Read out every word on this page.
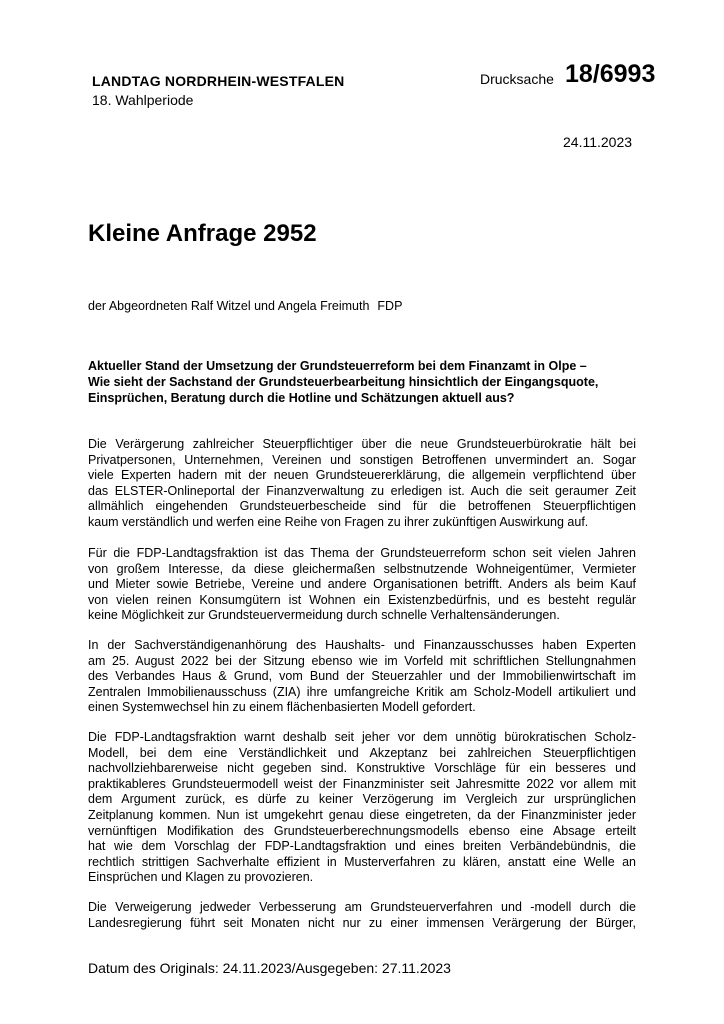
LANDTAG NORDRHEIN-WESTFALEN
18. Wahlperiode
Drucksache 18/6993
24.11.2023
Kleine Anfrage 2952
der Abgeordneten Ralf Witzel und Angela Freimuth FDP
Aktueller Stand der Umsetzung der Grundsteuerreform bei dem Finanzamt in Olpe –
Wie sieht der Sachstand der Grundsteuerbearbeitung hinsichtlich der Eingangsquote,
Einsprüchen, Beratung durch die Hotline und Schätzungen aktuell aus?
Die Verärgerung zahlreicher Steuerpflichtiger über die neue Grundsteuerbürokratie hält bei
Privatpersonen, Unternehmen, Vereinen und sonstigen Betroffenen unvermindert an. Sogar
viele Experten hadern mit der neuen Grundsteuererklärung, die allgemein verpflichtend über
das ELSTER-Onlineportal der Finanzverwaltung zu erledigen ist. Auch die seit geraumer Zeit
allmählich eingehenden Grundsteuerbescheide sind für die betroffenen Steuerpflichtigen
kaum verständlich und werfen eine Reihe von Fragen zu ihrer zukünftigen Auswirkung auf.
Für die FDP-Landtagsfraktion ist das Thema der Grundsteuerreform schon seit vielen Jahren
von großem Interesse, da diese gleichermaßen selbstnutzende Wohneigentümer, Vermieter
und Mieter sowie Betriebe, Vereine und andere Organisationen betrifft. Anders als beim Kauf
von vielen reinen Konsumgütern ist Wohnen ein Existenzbedürfnis, und es besteht regulär
keine Möglichkeit zur Grundsteuervermeidung durch schnelle Verhaltensänderungen.
In der Sachverständigenanhörung des Haushalts- und Finanzausschusses haben Experten
am 25. August 2022 bei der Sitzung ebenso wie im Vorfeld mit schriftlichen Stellungnahmen
des Verbandes Haus & Grund, vom Bund der Steuerzahler und der Immobilienwirtschaft im
Zentralen Immobilienausschuss (ZIA) ihre umfangreiche Kritik am Scholz-Modell artikuliert und
einen Systemwechsel hin zu einem flächenbasierten Modell gefordert.
Die FDP-Landtagsfraktion warnt deshalb seit jeher vor dem unnötig bürokratischen Scholz-
Modell, bei dem eine Verständlichkeit und Akzeptanz bei zahlreichen Steuerpflichtigen
nachvollziehbarerweise nicht gegeben sind. Konstruktive Vorschläge für ein besseres und
praktikableres Grundsteuermodell weist der Finanzminister seit Jahresmitte 2022 vor allem mit
dem Argument zurück, es dürfe zu keiner Verzögerung im Vergleich zur ursprünglichen
Zeitplanung kommen. Nun ist umgekehrt genau diese eingetreten, da der Finanzminister jeder
vernünftigen Modifikation des Grundsteuerberechnungsmodells ebenso eine Absage erteilt
hat wie dem Vorschlag der FDP-Landtagsfraktion und eines breiten Verbändebündnis, die
rechtlich strittigen Sachverhalte effizient in Musterverfahren zu klären, anstatt eine Welle an
Einsprüchen und Klagen zu provozieren.
Die Verweigerung jedweder Verbesserung am Grundsteuerverfahren und -modell durch die
Landesregierung führt seit Monaten nicht nur zu einer immensen Verärgerung der Bürger,
Datum des Originals: 24.11.2023/Ausgegeben: 27.11.2023
